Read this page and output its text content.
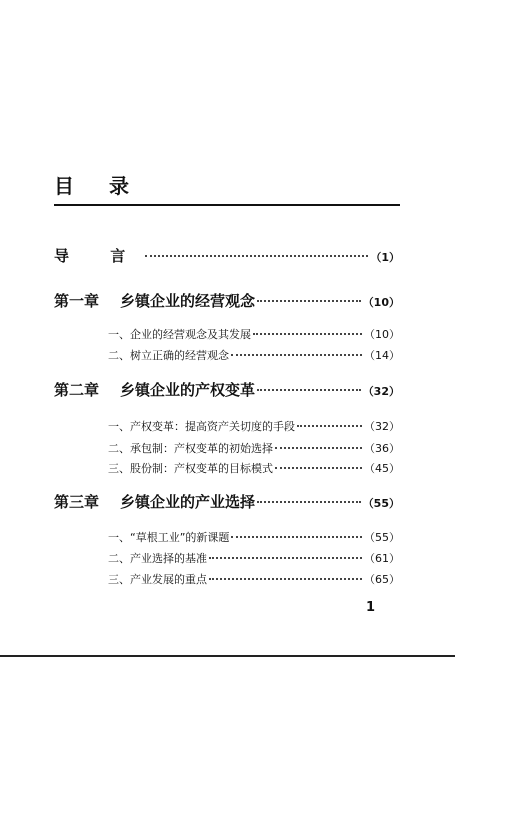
目 录
导 言	（1）
第一章 乡镇企业的经营观念	（10）
一、企业的经营观念及其发展	（10）
二、树立正确的经营观念	（14）
第二章 乡镇企业的产权变革	（32）
一、产权变革：提高资产关切度的手段	（32）
二、承包制：产权变革的初始选择	（36）
三、股份制：产权变革的目标模式	（45）
第三章 乡镇企业的产业选择	（55）
一、“草根工业”的新课题	（55）
二、产业选择的基准	（61）
三、产业发展的重点	（65）
1
